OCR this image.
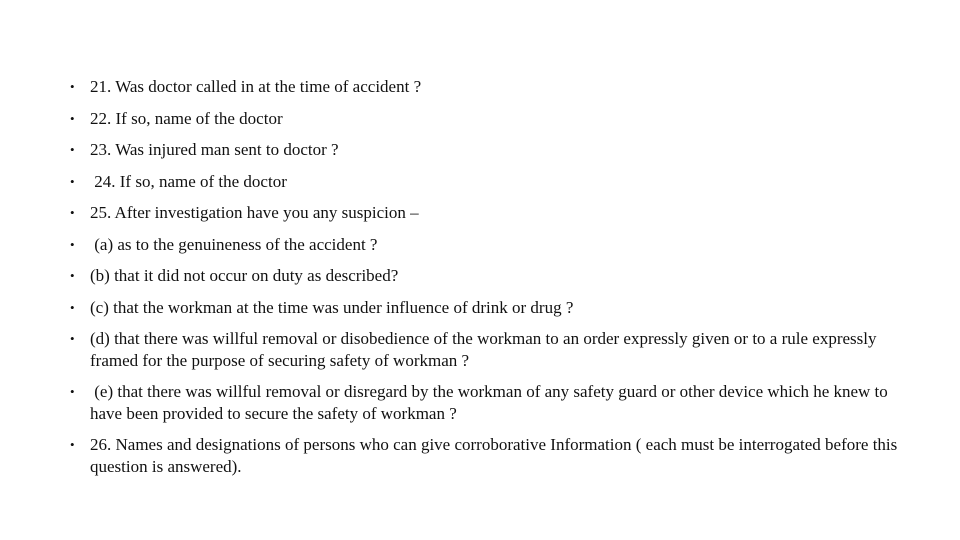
• 21. Was doctor called in at the time of accident ?
• 22. If so, name of the doctor
• 23. Was injured man sent to doctor ?
• 24. If so, name of the doctor
• 25. After investigation have you any suspicion –
• (a) as to the genuineness of the accident ?
• (b) that it did not occur on duty as described?
• (c) that the workman at the time was under influence of drink or drug ?
• (d) that there was willful removal or disobedience of the workman to an order expressly given or to a rule expressly framed for the purpose of securing safety of workman ?
• (e) that there was willful removal or disregard by the workman of any safety guard or other device which he knew to have been provided to secure the safety of workman ?
• 26. Names and designations of persons who can give corroborative Information ( each must be interrogated before this question is answered).
